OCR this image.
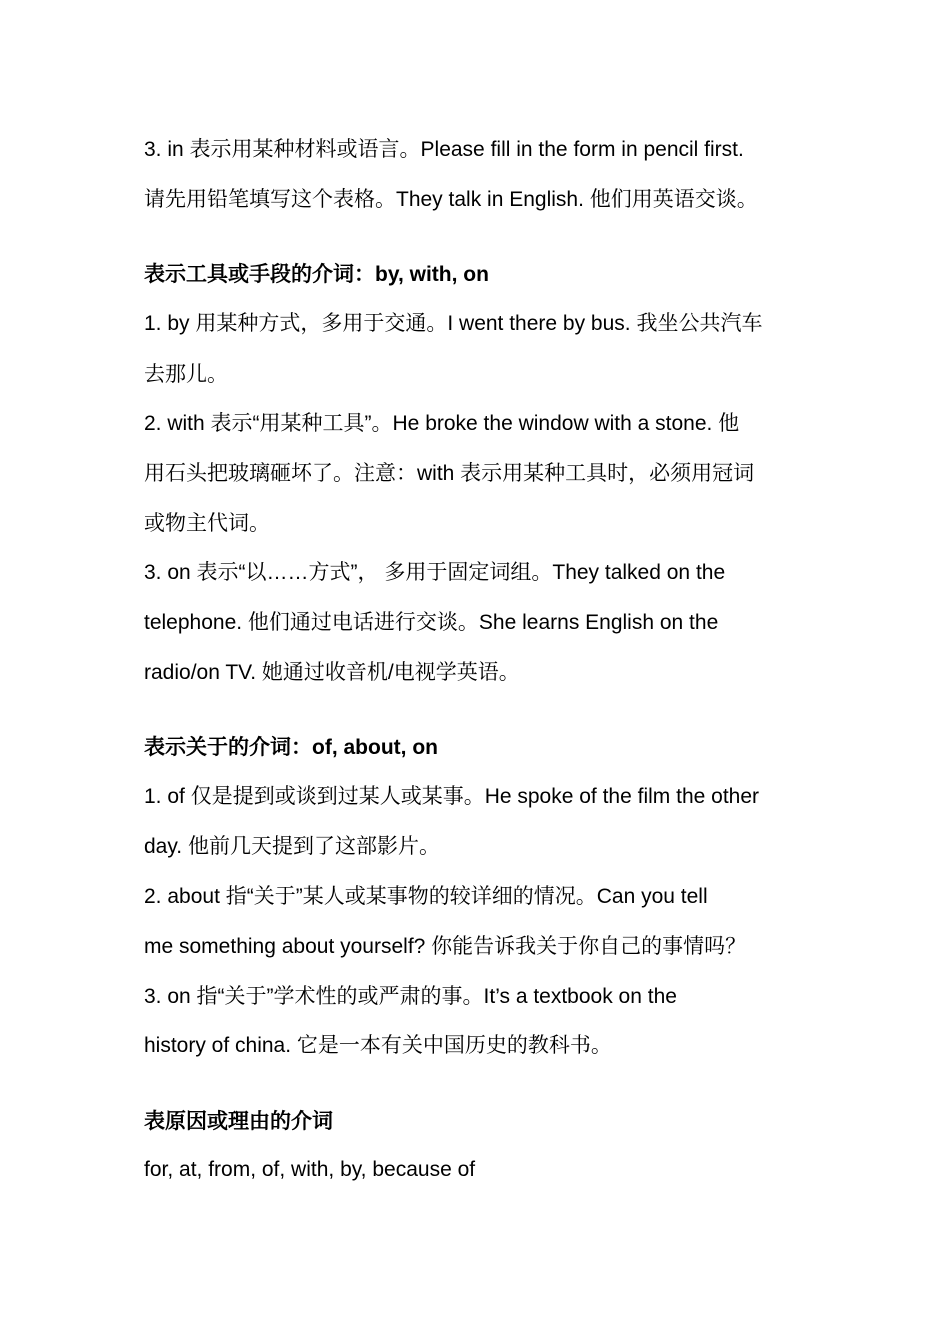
3. in 表示用某种材料或语言。Please fill in the form in pencil first.
请先用铅笔填写这个表格。They talk in English. 他们用英语交谈。
表示工具或手段的介词：by, with, on
1. by 用某种方式，多用于交通。I went there by bus. 我坐公共汽车
去那儿。
2. with 表示“用某种工具”。He broke the window with a stone. 他
用石头把玻璃砸坏了。注意：with 表示用某种工具时，必须用冠词
或物主代词。
3. on 表示“以……方式”， 多用于固定词组。They talked on the
telephone. 他们通过电话进行交谈。She learns English on the
radio/on TV. 她通过收音机/电视学英语。
表示关于的介词：of, about, on
1. of 仅是提到或谈到过某人或某事。He spoke of the film the other
day. 他前几天提到了这部影片。
2. about 指“关于”某人或某事物的较详细的情况。Can you tell
me something about yourself? 你能告诉我关于你自己的事情吗？
3. on 指“关于”学术性的或严肃的事。It’s a textbook on the
history of china. 它是一本有关中国历史的教科书。
表原因或理由的介词
for, at, from, of, with, by, because of
